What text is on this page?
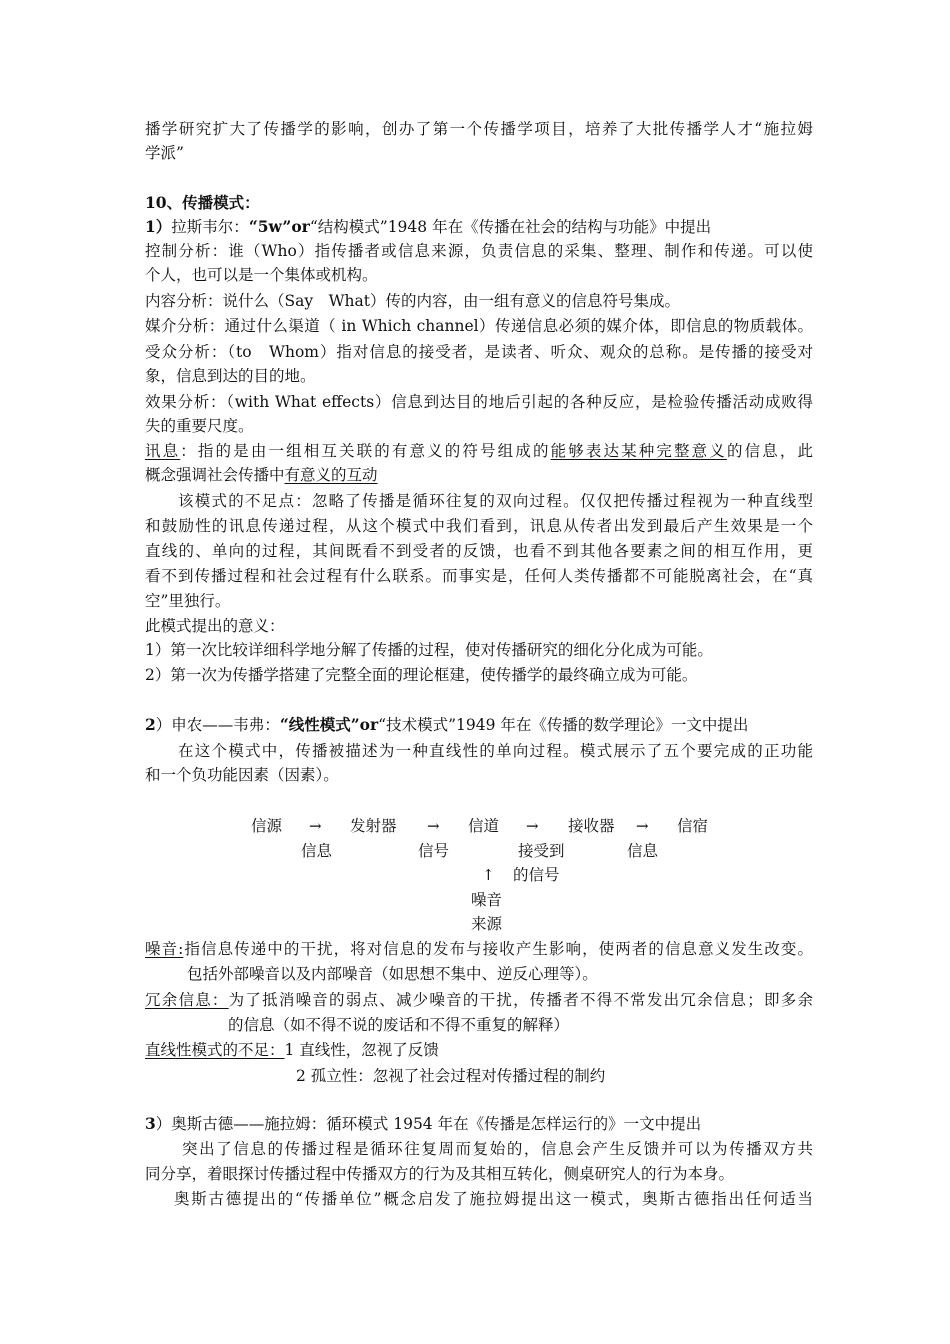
播学研究扩大了传播学的影响，创办了第一个传播学项目，培养了大批传播学人才“施拉姆
学派”
10、传播模式：
1）拉斯韦尔：“5w”or“结构模式”1948 年在《传播在社会的结构与功能》中提出
控制分析：谁（Who）指传播者或信息来源，负责信息的采集、整理、制作和传递。可以使
个人，也可以是一个集体或机构。
内容分析：说什么（Say　What）传的内容，由一组有意义的信息符号集成。
媒介分析：通过什么渠道（ in Which channel）传递信息必须的媒介体，即信息的物质载体。
受众分析：（to　Whom）指对信息的接受者，是读者、听众、观众的总称。是传播的接受对
象，信息到达的目的地。
效果分析：（with What effects）信息到达目的地后引起的各种反应，是检验传播活动成败得
失的重要尺度。
讯息：指的是由一组相互关联的有意义的符号组成的能够表达某种完整意义的信息，此
概念强调社会传播中有意义的互动
该模式的不足点：忽略了传播是循环往复的双向过程。仅仅把传播过程视为一种直线型
和鼓励性的讯息传递过程，从这个模式中我们看到，讯息从传者出发到最后产生效果是一个
直线的、单向的过程，其间既看不到受者的反馈，也看不到其他各要素之间的相互作用，更
看不到传播过程和社会过程有什么联系。而事实是，任何人类传播都不可能脱离社会，在“真
空”里独行。
此模式提出的意义：
1）第一次比较详细科学地分解了传播的过程，使对传播研究的细化分化成为可能。
2）第一次为传播学搭建了完整全面的理论框建，使传播学的最终确立成为可能。
2）申农——韦弗：“线性模式”or“技术模式”1949 年在《传播的数学理论》一文中提出
在这个模式中，传播被描述为一种直线性的单向过程。模式展示了五个要完成的正功能
和一个负功能因素（因素）。
信源 → 发射器 → 信道 → 接收器 → 信宿
信息	信号	接受到	信息
↑ 的信号
噪音
来源
噪音:指信息传递中的干扰，将对信息的发布与接收产生影响，使两者的信息意义发生改变。
包括外部噪音以及内部噪音（如思想不集中、逆反心理等）。
冗余信息：为了抵消噪音的弱点、减少噪音的干扰，传播者不得不常发出冗余信息；即多余
的信息（如不得不说的废话和不得不重复的解释）
直线性模式的不足：1 直线性，忽视了反馈
2 孤立性：忽视了社会过程对传播过程的制约
3）奥斯古德——施拉姆：循环模式 1954 年在《传播是怎样运行的》一文中提出
突出了信息的传播过程是循环往复周而复始的，信息会产生反馈并可以为传播双方共
同分享，着眼探讨传播过程中传播双方的行为及其相互转化，侧桌研究人的行为本身。
奥斯古德提出的“传播单位”概念启发了施拉姆提出这一模式，奥斯古德指出任何适当
